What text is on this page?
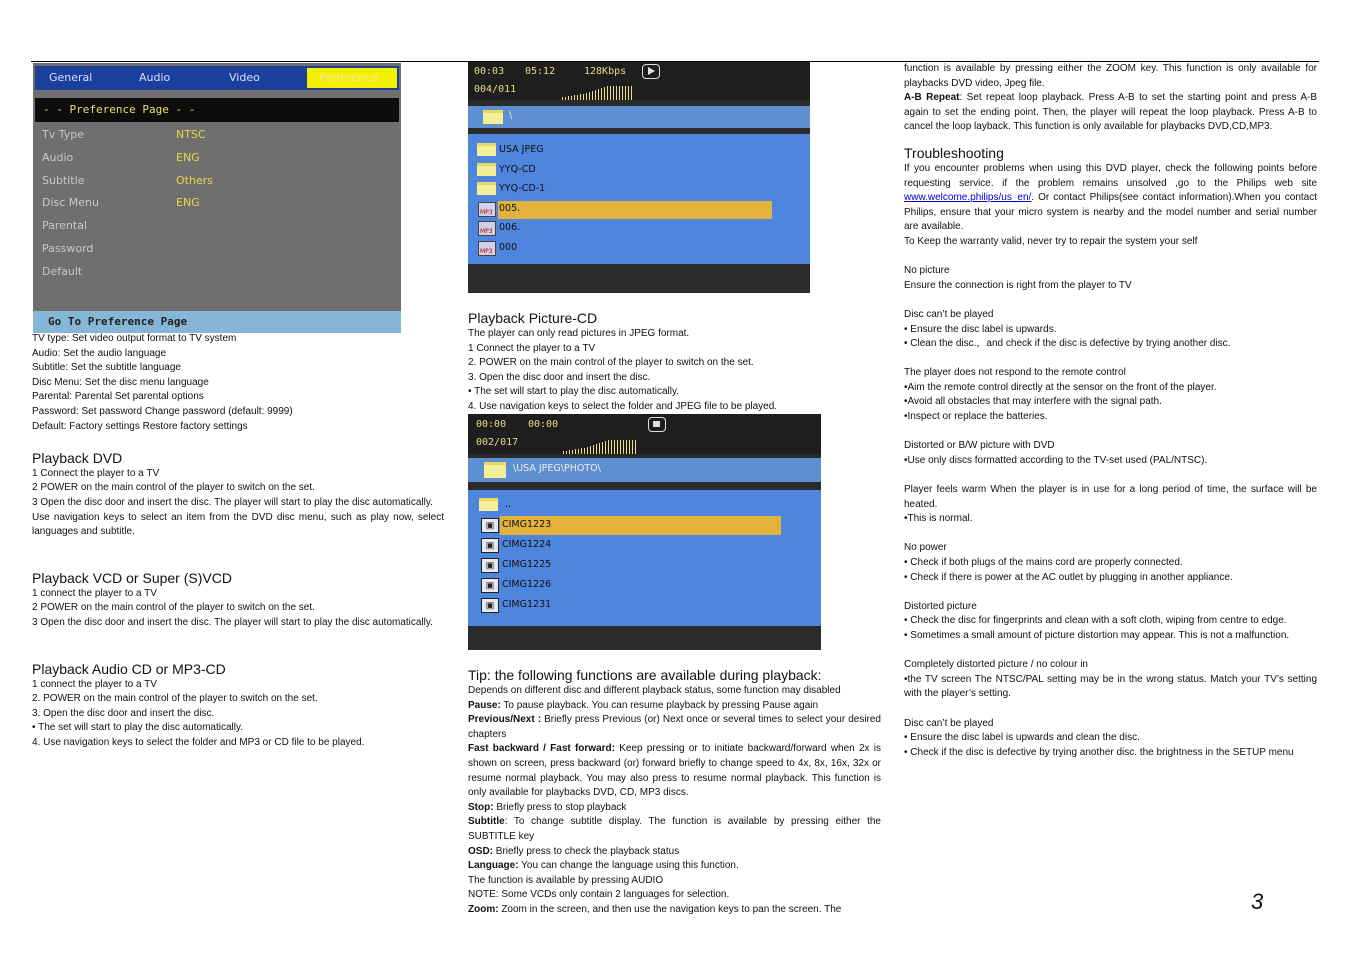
General	Audio	Video	Preference
- - Preference Page - -
Tv Type	NTSC
Audio	ENG
Subtitle	Others
Disc Menu	ENG
Parental
Password
Default
Go To Preference Page

TV type: Set video output format to TV system

Audio: Set the audio language

Subtitle: Set the subtitle language

Disc Menu: Set the disc menu language

Parental: Parental Set parental options

Password: Set password Change password (default: 9999)

Default: Factory settings Restore factory settings

Playback DVD

1 Connect the player to a TV

2 POWER on the main control of the player to switch on the set.

3 Open the disc door and insert the disc. The player will start to play the disc automatically.

Use navigation keys to select an item from the DVD disc menu, such as play now, select languages and subtitle.

Playback VCD or Super (S)VCD

1 connect the player to a TV

2 POWER on the main control of the player to switch on the set.

3 Open the disc door and insert the disc. The player will start to play the disc automatically.

Playback Audio CD or MP3-CD

1 connect the player to a TV

2. POWER on the main control of the player to switch on the set.

3. Open the disc door and insert the disc.

• The set will start to play the disc automatically.

4. Use navigation keys to select the folder and MP3 or CD file to be played.

00:03 05:12	128Kbps
004/011
\
USA JPEG
YYQ-CD
YYQ-CD-1
MP3 005.
MP3 006.
MP3 000
Playback Picture-CD

The player can only read pictures in JPEG format.

1 Connect the player to a TV

2. POWER on the main control of the player to switch on the set.

3. Open the disc door and insert the disc.

• The set will start to play the disc automatically.

4. Use navigation keys to select the folder and JPEG file to be played.

00:00 00:00
002/017
\USA JPEG\PHOTO\
..
▣ CIMG1223
▣ CIMG1224
▣ CIMG1225
▣ CIMG1226
▣ CIMG1231
Tip: the following functions are available during playback:

Depends on different disc and different playback status, some function may disabled

Pause: To pause playback. You can resume playback by pressing Pause again

Previous/Next : Briefly press Previous (or) Next once or several times to select your desired chapters

Fast backward / Fast forward: Keep pressing or to initiate backward/forward when 2x is shown on screen, press backward (or) forward briefly to change speed to 4x, 8x, 16x, 32x or resume normal playback. You may also press to resume normal playback. This function is only available for playbacks DVD, CD, MP3 discs.

Stop: Briefly press to stop playback

Subtitle: To change subtitle display. The function is available by pressing either the SUBTITLE key

OSD: Briefly press to check the playback status

Language: You can change the language using this function.

The function is available by pressing AUDIO

NOTE: Some VCDs only contain 2 languages for selection.

Zoom: Zoom in the screen, and then use the navigation keys to pan the screen. The

function is available by pressing either the ZOOM key. This function is only available for playbacks DVD video, Jpeg file.

A-B Repeat: Set repeat loop playback. Press A-B to set the starting point and press A-B again to set the ending point. Then, the player will repeat the loop playback. Press A-B to cancel the loop layback. This function is only available for playbacks DVD,CD,MP3.

Troubleshooting

If you encounter problems when using this DVD player, check the following points before requesting service. if the problem remains unsolved ,go to the Philips web site www.welcome.philips/us_en/. Or contact Philips(see contact information).When you contact Philips, ensure that your micro system is nearby and the model number and serial number are available.

To Keep the warranty valid, never try to repair the system your self

No picture

Ensure the connection is right from the player to TV

Disc can’t be played

• Ensure the disc label is upwards.

• Clean the disc.，and check if the disc is defective by trying another disc.

The player does not respond to the remote control

•Aim the remote control directly at the sensor on the front of the player.

•Avoid all obstacles that may interfere with the signal path.

•Inspect or replace the batteries.

Distorted or B/W picture with DVD

•Use only discs formatted according to the TV-set used (PAL/NTSC).

Player feels warm When the player is in use for a long period of time, the surface will be heated.

•This is normal.

No power

• Check if both plugs of the mains cord are properly connected.

• Check if there is power at the AC outlet by plugging in another appliance.

Distorted picture

• Check the disc for fingerprints and clean with a soft cloth, wiping from centre to edge.

• Sometimes a small amount of picture distortion may appear. This is not a malfunction.

Completely distorted picture / no colour in

•the TV screen The NTSC/PAL setting may be in the wrong status. Match your TV’s setting with the player’s setting.

Disc can’t be played

• Ensure the disc label is upwards and clean the disc.

• Check if the disc is defective by trying another disc. the brightness in the SETUP menu

3
